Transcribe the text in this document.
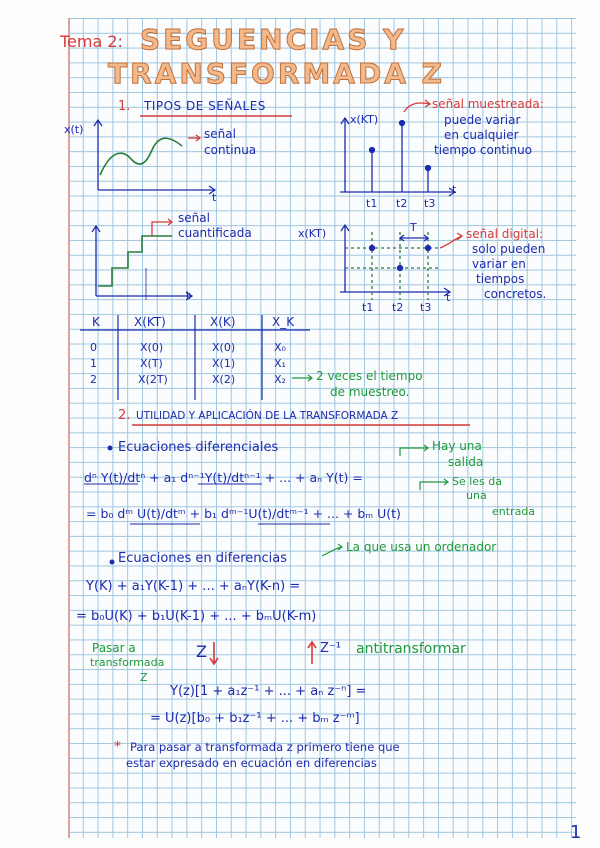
Tema 2: SEGUENCIAS Y
TRANSFORMADA Z
1. TIPOS DE SEÑALES
x(t)
t
señal
continua
x(KT)
t
t1 t2 t3
señal muestreada:
puede variar
en cualquier
tiempo continuo
t
señal
cuantificada	x(KT)
t
T
t1 t2 t3
señal digital:
solo pueden
variar en
tiempos
concretos.
K	X(KT)	X(K)	X_K
0	X(0)	X(0)	X₀
1	X(T)	X(1)	X₁
2	X(2T)	X(2)	X₂	2 veces el tiempo
de muestreo.
2. UTILIDAD Y APLICACIÓN DE LA TRANSFORMADA Z
Ecuaciones diferenciales	Hay una
salida
dⁿ Y(t)/dtⁿ + a₁ dⁿ⁻¹Y(t)/dtⁿ⁻¹ + ... + aₙ Y(t) =	Se les da
una
entrada
= b₀ dᵐ U(t)/dtᵐ + b₁ dᵐ⁻¹U(t)/dtᵐ⁻¹ + ... + bₘ U(t)
Ecuaciones en diferencias
La que usa un ordenador
Y(K) + a₁Y(K-1) + ... + aₙY(K-n) =
= b₀U(K) + b₁U(K-1) + ... + bₘU(K-m)
Pasar a
transformada
Z
Z	Z⁻¹ antitransformar
Y(z)[1 + a₁z⁻¹ + ... + aₙ z⁻ⁿ] =
= U(z)[b₀ + b₁z⁻¹ + ... + bₘ z⁻ᵐ]
* Para pasar a transformada z primero tiene que
estar expresado en ecuación en diferencias
1
